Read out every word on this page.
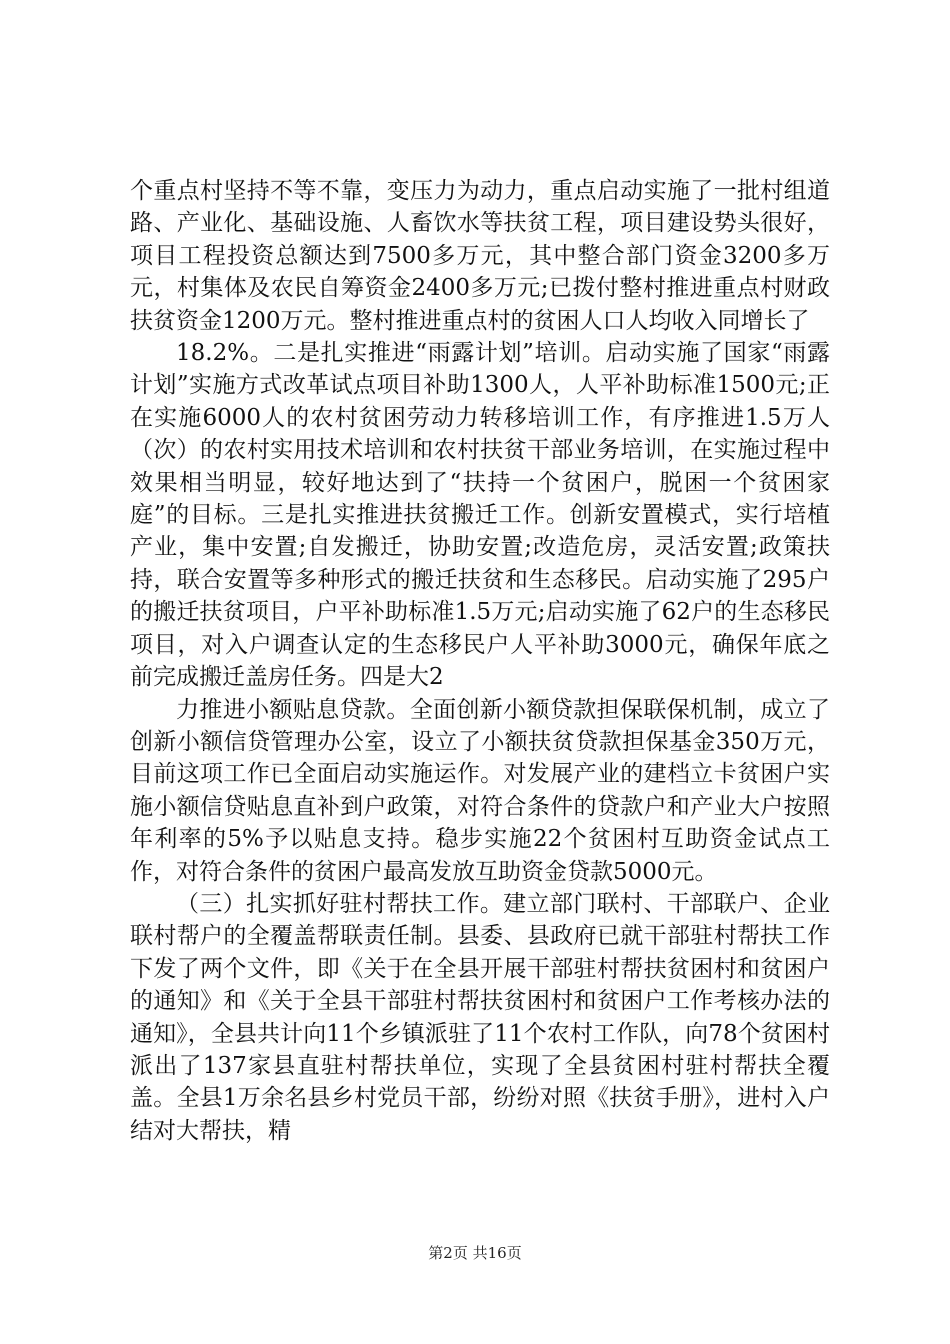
个重点村坚持不等不靠，变压力为动力，重点启动实施了一批村组道路、产业化、基础设施、人畜饮水等扶贫工程，项目建设势头很好，项目工程投资总额达到7500多万元，其中整合部门资金3200多万元，村集体及农民自筹资金2400多万元;已拨付整村推进重点村财政扶贫资金1200万元。整村推进重点村的贫困人口人均收入同增长了

18.2%。二是扎实推进“雨露计划”培训。启动实施了国家“雨露计划”实施方式改革试点项目补助1300人，人平补助标准1500元;正在实施6000人的农村贫困劳动力转移培训工作，有序推进1.5万人（次）的农村实用技术培训和农村扶贫干部业务培训，在实施过程中效果相当明显，较好地达到了“扶持一个贫困户，脱困一个贫困家庭”的目标。三是扎实推进扶贫搬迁工作。创新安置模式，实行培植产业，集中安置;自发搬迁，协助安置;改造危房，灵活安置;政策扶持，联合安置等多种形式的搬迁扶贫和生态移民。启动实施了295户的搬迁扶贫项目，户平补助标准1.5万元;启动实施了62户的生态移民项目，对入户调查认定的生态移民户人平补助3000元，确保年底之前完成搬迁盖房任务。四是大2

力推进小额贴息贷款。全面创新小额贷款担保联保机制，成立了创新小额信贷管理办公室，设立了小额扶贫贷款担保基金350万元，目前这项工作已全面启动实施运作。对发展产业的建档立卡贫困户实施小额信贷贴息直补到户政策，对符合条件的贷款户和产业大户按照年利率的5%予以贴息支持。稳步实施22个贫困村互助资金试点工作，对符合条件的贫困户最高发放互助资金贷款5000元。

（三）扎实抓好驻村帮扶工作。建立部门联村、干部联户、企业联村帮户的全覆盖帮联责任制。县委、县政府已就干部驻村帮扶工作下发了两个文件，即《关于在全县开展干部驻村帮扶贫困村和贫困户的通知》和《关于全县干部驻村帮扶贫困村和贫困户工作考核办法的通知》，全县共计向11个乡镇派驻了11个农村工作队，向78个贫困村派出了137家县直驻村帮扶单位，实现了全县贫困村驻村帮扶全覆盖。全县1万余名县乡村党员干部，纷纷对照《扶贫手册》，进村入户结对大帮扶，精

第2页 共16页
